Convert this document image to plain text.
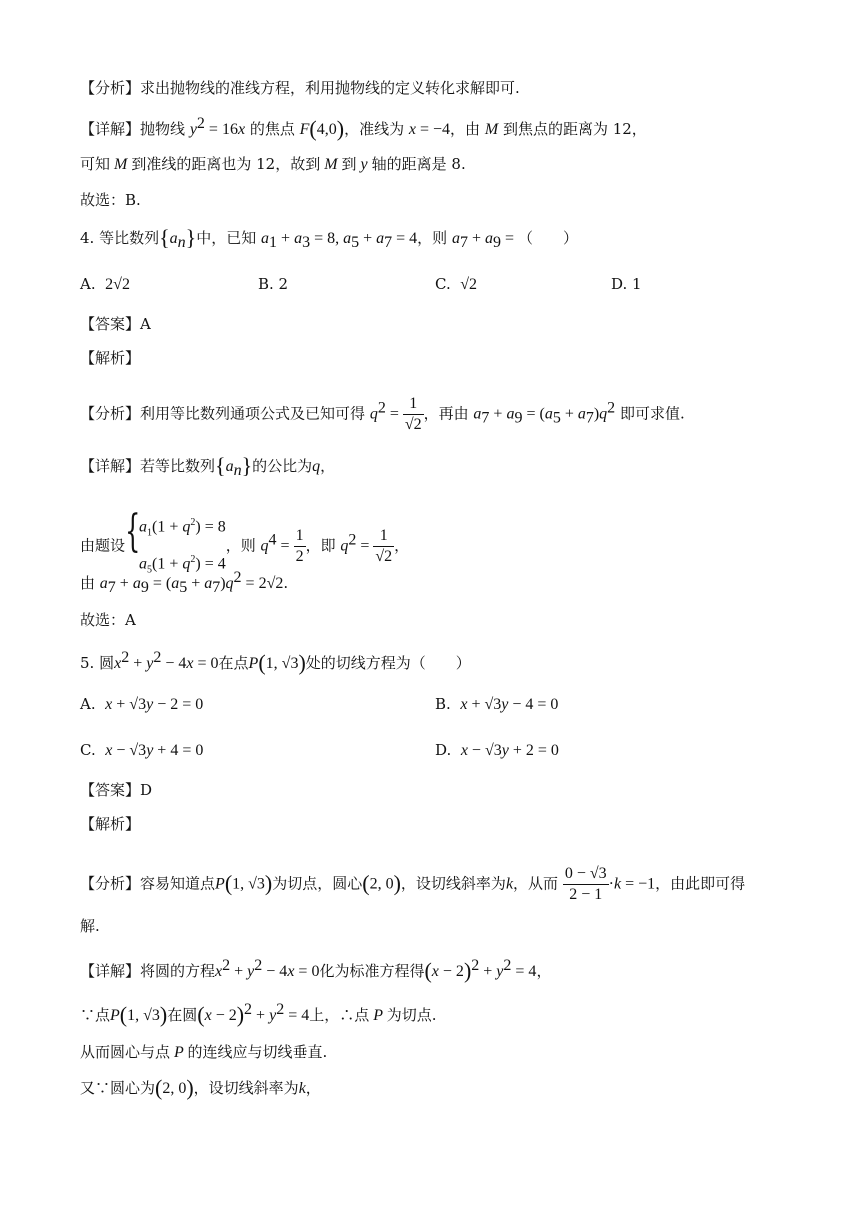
【分析】求出抛物线的准线方程，利用抛物线的定义转化求解即可.
【详解】抛物线 $y^2 = 16x$ 的焦点 F(4,0)，准线为 x = −4，由 M 到焦点的距离为 12，
可知 M 到准线的距离也为 12，故到 M 到 y 轴的距离是 8.
故选：B.
4. 等比数列$\{a_n\}$中，已知 $a_1 + a_3 = 8$, $a_5 + a_7 = 4$，则 $a_7 + a_9$ = （　　）
A. 2√2	B. 2	C. √2	D. 1
【答案】A
【解析】
【分析】利用等比数列通项公式及已知可得 $q^2 = \frac{1}{√2}$ ，再由 $a_7 + a_9 = (a_5 + a_7)q^2$ 即可求值.
【详解】若等比数列$\{a_n\}$的公比为q，
由题设 {
$a_1(1 + q^2) = 8$
$a_5(1 + q^2) = 4$
，则 $q^4 = \frac{1}{2}$ ，即 $q^2 = \frac{1}{√2}$ ，
由 $a_7 + a_9 = (a_5 + a_7)q^2 = 2√2$.
故选：A
5. 圆$x^2 + y^2 - 4x = 0$在点P(1, √3)处的切线方程为（　　）
A. x + √3y − 2 = 0	B. x + √3y − 4 = 0
C. x − √3y + 4 = 0	D. x − √3y + 2 = 0
【答案】D
【解析】
【分析】容易知道点P(1, √3)为切点，圆心(2, 0)，设切线斜率为k，从而 $\frac{0 - √3}{2 - 1} \cdot k = -1$，由此即可得
解.
【详解】将圆的方程$x^2 + y^2 - 4x = 0$化为标准方程得$(x - 2)^2 + y^2 = 4$，
∵点P(1, √3)在圆$(x - 2)^2 + y^2 = 4$上，∴点 P 为切点.
从而圆心与点 P 的连线应与切线垂直.
又∵圆心为(2, 0)，设切线斜率为k，
